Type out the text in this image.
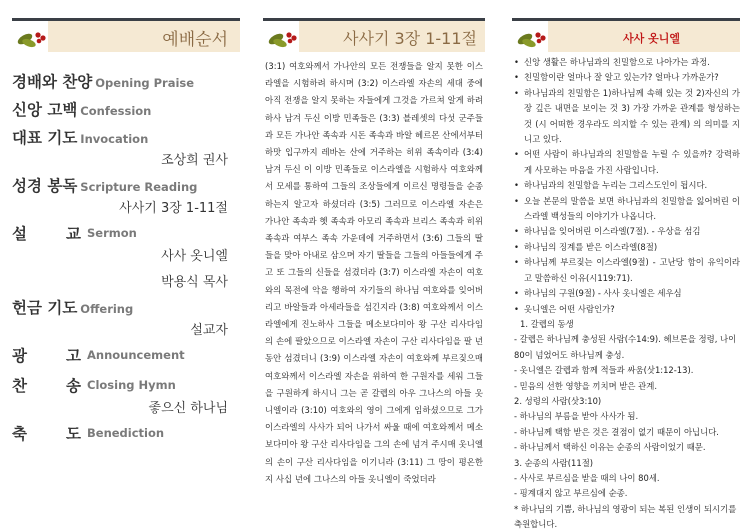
예배순서
경배와 찬양 Opening Praise
신앙 고백 Confession
대표 기도 Invocation
조상희 권사
성경 봉독 Scripture Reading
사사기 3장 1-11절
설	교 Sermon
사사 옷니엘
박용식 목사
헌금 기도 Offering
설교자
광	고 Announcement
찬	송 Closing Hymn
좋으신 하나님
축	도 Benediction
사사기 3장 1-11절
(3:1) 여호와께서 가나안의 모든 전쟁들을 알지 못한 이스라엘을 시험하려 하시며 (3:2) 이스라엘 자손의 세대 중에 아직 전쟁을 알지 못하는 자들에게 그것을 가르쳐 알게 하려 하사 남겨 두신 이방 민족들은 (3:3) 블레셋의 다섯 군주들과 모든 가나안 족속과 시돈 족속과 바알 헤르몬 산에서부터 하맛 입구까지 레바논 산에 거주하는 히위 족속이라 (3:4) 남겨 두신 이 이방 민족들로 이스라엘을 시험하사 여호와께서 모세를 통하여 그들의 조상들에게 이르신 명령들을 순종하는지 알고자 하셨더라 (3:5) 그러므로 이스라엘 자손은 가나안 족속과 헷 족속과 아모리 족속과 브리스 족속과 히위 족속과 여부스 족속 가운데에 거주하면서 (3:6) 그들의 딸들을 맞아 아내로 삼으며 자기 딸들을 그들의 아들들에게 주고 또 그들의 신들을 섬겼더라 (3:7) 이스라엘 자손이 여호와의 목전에 악을 행하여 자기들의 하나님 여호와를 잊어버리고 바알들과 아세라들을 섬긴지라 (3:8) 여호와께서 이스라엘에게 진노하사 그들을 메소보다미아 왕 구산 리사다임의 손에 팔았으므로 이스라엘 자손이 구산 리사다임을 팔 년 동안 섬겼더니 (3:9) 이스라엘 자손이 여호와께 부르짖으매 여호와께서 이스라엘 자손을 위하여 한 구원자를 세워 그들을 구원하게 하시니 그는 곧 갈렙의 아우 그나스의 아들 옷니엘이라 (3:10) 여호와의 영이 그에게 임하셨으므로 그가 이스라엘의 사사가 되어 나가서 싸울 때에 여호와께서 메소보다미아 왕 구산 리사다임을 그의 손에 넘겨 주시매 옷니엘의 손이 구산 리사다임을 이기니라 (3:11) 그 땅이 평온한 지 사십 년에 그나스의 아들 옷니엘이 죽었더라
사사 옷니엘
• 신앙 생활은 하나님과의 친밀함으로 나아가는 과정.
• 친밀함이란 얼마나 잘 알고 있는가? 얼마나 가까운가?
• 하나님과의 친밀함은 1)하나님께 속해 있는 것 2)자신의 가장 깊은 내면을 보이는 것 3) 가장 가까운 관계를 형성하는 것 (시 어떠한 경우라도 의지할 수 있는 관계) 의 의미를 지니고 있다.
• 어떤 사람이 하나님과의 친밀함을 누릴 수 있을까? 강력하게 사모하는 마음을 가진 사람입니다.
• 하나님과의 친밀함을 누리는 그리스도인이 됩시다.
• 오늘 본문의 말씀을 보면 하나님과의 친밀함을 잃어버린 이스라엘 백성들의 이야기가 나옵니다.
• 하나님을 잊어버린 이스라엘(7절). - 우상을 섬김
• 하나님의 징계를 받은 이스라엘(8절)
• 하나님께 부르짖는 이스라엘(9절) - 고난당 함이 유익이라 고 말씀하신 이유(시119:71).
• 하나님의 구원(9절) - 사사 옷니엘은 세우심
• 옷니엘은 어떤 사람인가?
1. 갈렙의 동생
- 갈렙은 하나님께 충성된 사람(수14:9). 헤브론을 정령, 나이 80이 넘었어도 하나님께 충성.
- 옷니엘은 갈렙과 함께 적들과 싸움(삿1:12-13).
- 믿음의 선한 영향을 끼치며 받은 관계.
2. 성령의 사람(삿3:10)
- 하나님의 부름을 받아 사사가 됨.
- 하나님께 택함 받은 것은 결점이 없기 때문이 아닙니다.
- 하나님께서 택하신 이유는 순종의 사람이었기 때문.
3. 순종의 사람(11절)
- 사사로 부르심을 받을 때의 나이 80세.
- 핑계대지 않고 부르심에 순종.
* 하나님의 기쁨, 하나님의 영광이 되는 복된 인생이 되시기를 축원합니다.
